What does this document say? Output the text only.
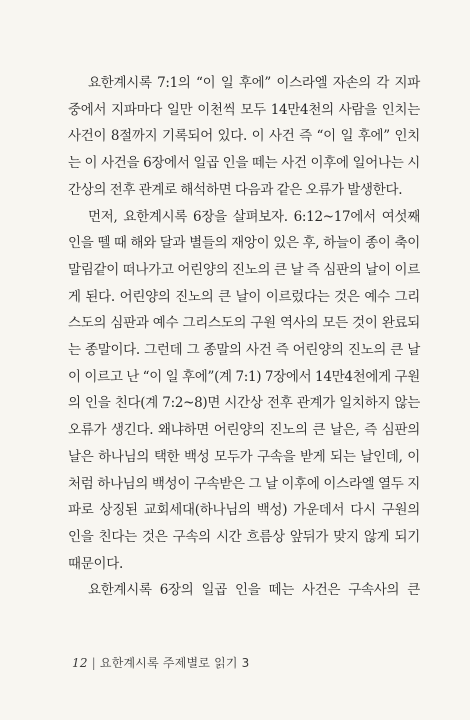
요한계시록 7:1의 “이 일 후에” 이스라엘 자손의 각 지파 중에서 지파마다 일만 이천씩 모두 14만4천의 사람을 인치는 사건이 8절까지 기록되어 있다. 이 사건 즉 “이 일 후에” 인치는 이 사건을 6장에서 일곱 인을 떼는 사건 이후에 일어나는 시간상의 전후 관계로 해석하면 다음과 같은 오류가 발생한다.

먼저, 요한계시록 6장을 살펴보자. 6:12~17에서 여섯째 인을 뗄 때 해와 달과 별들의 재앙이 있은 후, 하늘이 종이 축이 말림같이 떠나가고 어린양의 진노의 큰 날 즉 심판의 날이 이르게 된다. 어린양의 진노의 큰 날이 이르렀다는 것은 예수 그리스도의 심판과 예수 그리스도의 구원 역사의 모든 것이 완료되는 종말이다. 그런데 그 종말의 사건 즉 어린양의 진노의 큰 날이 이르고 난 “이 일 후에”(계 7:1) 7장에서 14만4천에게 구원의 인을 친다(계 7:2~8)면 시간상 전후 관계가 일치하지 않는 오류가 생긴다. 왜냐하면 어린양의 진노의 큰 날은, 즉 심판의 날은 하나님의 택한 백성 모두가 구속을 받게 되는 날인데, 이처럼 하나님의 백성이 구속받은 그 날 이후에 이스라엘 열두 지파로 상징된 교회세대(하나님의 백성) 가운데서 다시 구원의 인을 친다는 것은 구속의 시간 흐름상 앞뒤가 맞지 않게 되기 때문이다.

요한계시록 6장의 일곱 인을 떼는 사건은 구속사의 큰

12 | 요한계시록 주제별로 읽기 3
